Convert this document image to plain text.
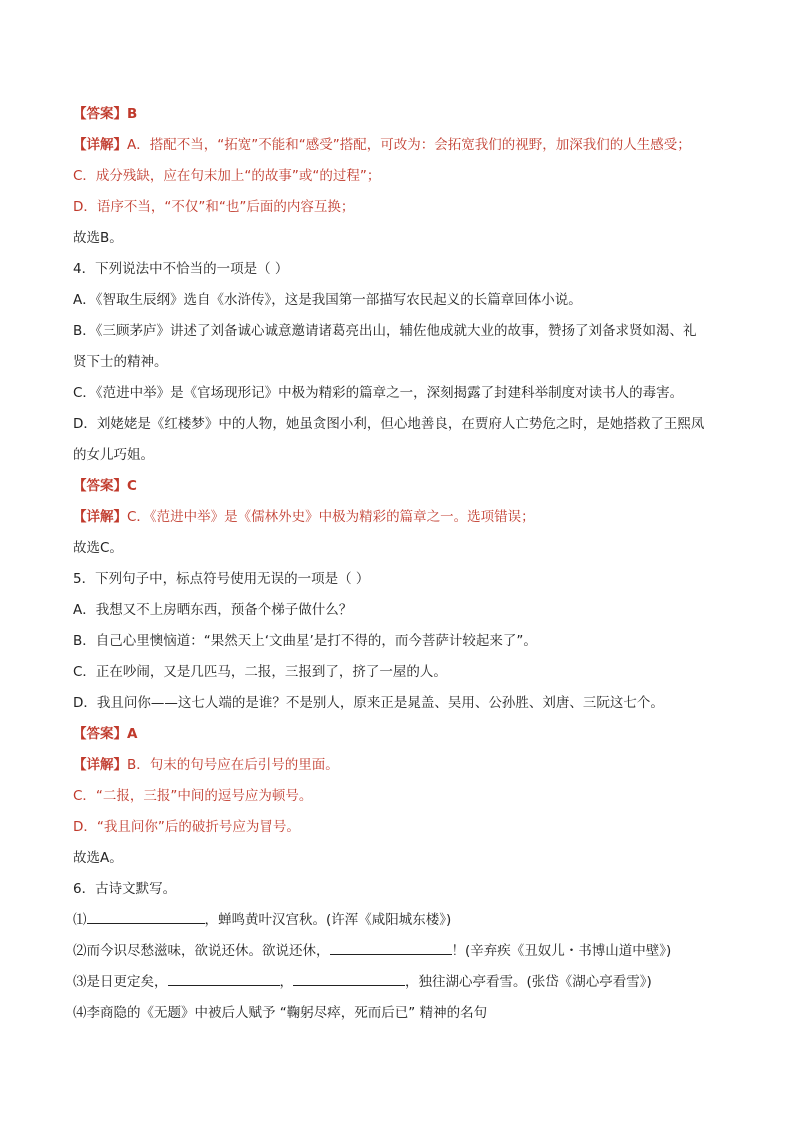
【答案】B

【详解】A．搭配不当，“拓宽”不能和“感受”搭配，可改为：会拓宽我们的视野，加深我们的人生感受；

C．成分残缺，应在句末加上“的故事”或“的过程”；

D．语序不当，“不仅”和“也”后面的内容互换；

故选B。

4．下列说法中不恰当的一项是（ ）

A．《智取生辰纲》选自《水浒传》，这是我国第一部描写农民起义的长篇章回体小说。

B．《三顾茅庐》讲述了刘备诚心诚意邀请诸葛亮出山，辅佐他成就大业的故事，赞扬了刘备求贤如渴、礼

贤下士的精神。

C．《范进中举》是《官场现形记》中极为精彩的篇章之一，深刻揭露了封建科举制度对读书人的毒害。

D．刘姥姥是《红楼梦》中的人物，她虽贪图小利，但心地善良，在贾府人亡势危之时，是她搭救了王熙凤

的女儿巧姐。

【答案】C

【详解】C．《范进中举》是《儒林外史》中极为精彩的篇章之一。选项错误；

故选C。

5．下列句子中，标点符号使用无误的一项是（ ）

A．我想又不上房晒东西，预备个梯子做什么？

B．自己心里懊恼道：“果然天上‘文曲星’是打不得的，而今菩萨计较起来了”。

C．正在吵闹，又是几匹马，二报，三报到了，挤了一屋的人。

D．我且问你——这七人端的是谁？不是别人，原来正是晁盖、吴用、公孙胜、刘唐、三阮这七个。

【答案】A

【详解】B．句末的句号应在后引号的里面。

C．“二报，三报”中间的逗号应为顿号。

D．“我且问你”后的破折号应为冒号。

故选A。

6．古诗文默写。

⑴	，蝉鸣黄叶汉宫秋。(许浑《咸阳城东楼》)

⑵而今识尽愁滋味，欲说还休。欲说还休，	！(辛弃疾《丑奴儿・书博山道中壁》)

⑶是日更定矣，	，	，独往湖心亭看雪。(张岱《湖心亭看雪》)

⑷李商隐的《无题》中被后人赋予 “鞠躬尽瘁，死而后已” 精神的名句
